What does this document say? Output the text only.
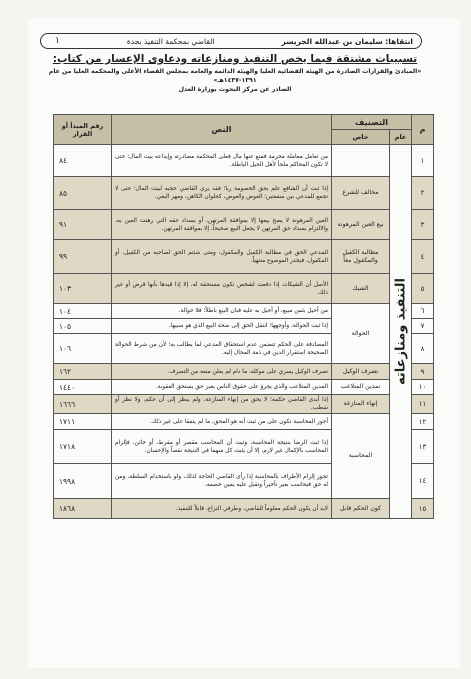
انتقاها: سليمان بن عبدالله الجريسر
القاضي بمحكمة التنفيذ بجدة
١
تسبيبات مشتقة فيما يخص التنفيذ ومنازعاته ودعاوى الإعسار من كتاب:
«المبادئ والقرارات الصادرة من الهيئة القضائية العليا والهيئة الدائمة والعامة بمجلس القضاء الأعلى والمحكمة العليا من عام ١٣٩١-١٤٣٧هـ»
الصادر عن مركز البحوث بوزارة العدل
م	التصنيف		النص	رقم المبدأ أو القرار
	عام	خاص		
١	التنفيذ ومنازعاته		من تعامل معاملة محرمة فمنع عنها مال فعلى المحكمة مصادرته وإيداعه بيت المال؛ حتى لا تكون المحاكم ملجأ لأهل الحيل الباطلة.	٨٤
٢		مخالف للشرع	إذا ثبت أن الشافع علم بحق الخصومة ربا؛ فقد يرى القاضي حجبه لبيت المال؛ حتى لا تجمع للمدعي بين منفعتين؛ العوض والعوض، كحلوان الكاهن، ومهر البغي.	٨٥
٣		بيع العين المرهونة	العين المرهونة لا يصح بيعها إلا بموافقة المرتهن، أو بسداد حقه التي رهنت العين به، والالتزام بسداد حق المرتهن لا يجعل البيع صحيحاً، إلا بموافقة المرتهن.	٩١
٤		مطالبة الكفيل والمكفول معاً	للمدعي الحق في مطالبة الكفيل والمكفول، ومتى شئتم الحق لصاحبه من الكفيل، أو المكفول، فيجدر الموضوع منتهياً.	٩٩
٥		الشيك	الأصل أن الشيكات إذا دفعت لشخص تكون مستحقة له، إلا إذا قيدها بأنها قرض أو غير ذلك.	١٠٣
٦		الحوالة	من أحيل بثمن مبيع، أو أحيل به عليه فبان البيع باطلاً؛ فلا حوالة.	١٠٤
٧			إذا ثبت الحوالة، وأوجهها؛ انتقل الحق إلى صحة البيع الذي هو سببها.	١٠٥
٨			المصادقة على الحكم تتضمن عدم استحقاق المدعي لما يطالب به؛ لأن من شرط الحوالة الصحيحة استقرار الدين في ذمة المحال إليه.	١٠٦
٩		تصرف الوكيل	تصرف الوكيل يسري على موكله، ما دام لم يعلن منعه من التصرف.	١٦٢
١٠		تمدين المتلاعب	المدين المتلاعب والذي يجرؤ على حقوق الناس بغير حق يستحق العقوبة.	١٤٤٠
١١		إنهاء المنازعة	إذا أبدى القاضي حكمه؛ لا يحق من إنهاء المنازعة، ولم ينظر إلى أن حكم، ولا نظر أو شطب.	١٦٦٦
١٢		المحاسبة	أجور المحاسبة تكون على من ثبت أنه هو المحق، ما لم يتفقا على غير ذلك.	١٧١١
١٣			إذا ثبت الرضا بنتيجة المحاسبة، وثبت أن المحاسب مقصر أو مفرط، أو خائن، فإلزام المحاسب بالإكمال غير لازم، إلا أن يثبت كل منهما في النتيجة نقصاً والإحسان.	١٧١٨
١٤			تجوز إلزام الأطراف بالمحاسبة إذا رأى القاضي الحاجة لذلك، ولو باستخدام السلطة، ومن له حق فيحاسب بغير تأخيراً وتقبل عليه يمين خصمه.	١٩٩٨
١٥		كون الحكم قابل	لابد أن يكون الحكم معلوماً للقاضي، وطرفي النزاع، قابلاً للتنفيذ.	١٨٦٨
